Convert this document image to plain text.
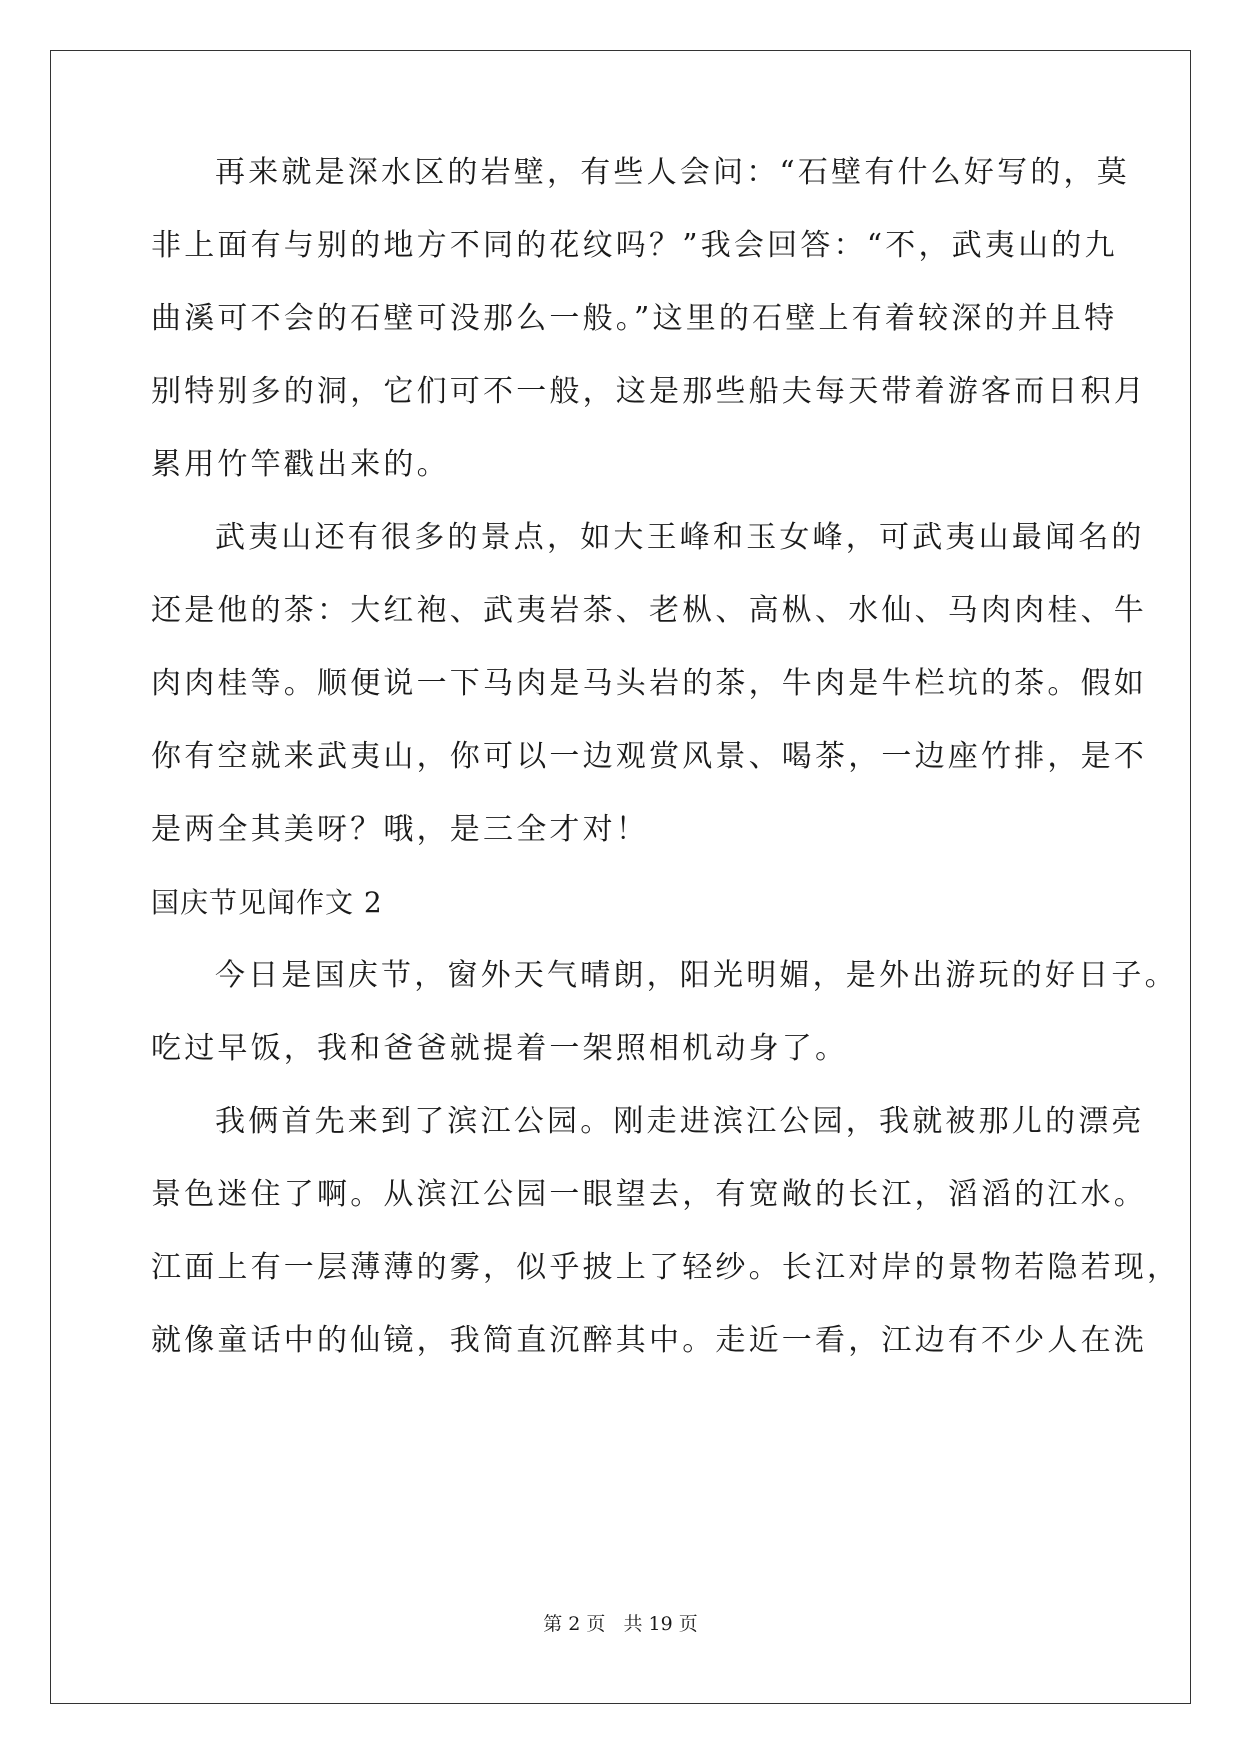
再来就是深水区的岩壁，有些人会问：“石壁有什么好写的，莫
非上面有与别的地方不同的花纹吗？”我会回答：“不，武夷山的九
曲溪可不会的石壁可没那么一般。”这里的石壁上有着较深的并且特
别特别多的洞，它们可不一般，这是那些船夫每天带着游客而日积月
累用竹竿戳出来的。
武夷山还有很多的景点，如大王峰和玉女峰，可武夷山最闻名的
还是他的茶：大红袍、武夷岩茶、老枞、高枞、水仙、马肉肉桂、牛
肉肉桂等。顺便说一下马肉是马头岩的茶，牛肉是牛栏坑的茶。假如
你有空就来武夷山，你可以一边观赏风景、喝茶，一边座竹排，是不
是两全其美呀？哦，是三全才对！
国庆节见闻作文 2
今日是国庆节，窗外天气晴朗，阳光明媚，是外出游玩的好日子。
吃过早饭，我和爸爸就提着一架照相机动身了。
我俩首先来到了滨江公园。刚走进滨江公园，我就被那儿的漂亮
景色迷住了啊。从滨江公园一眼望去，有宽敞的长江，滔滔的江水。
江面上有一层薄薄的雾，似乎披上了轻纱。长江对岸的景物若隐若现，
就像童话中的仙镜，我简直沉醉其中。走近一看，江边有不少人在洗
第 2 页 共 19 页
